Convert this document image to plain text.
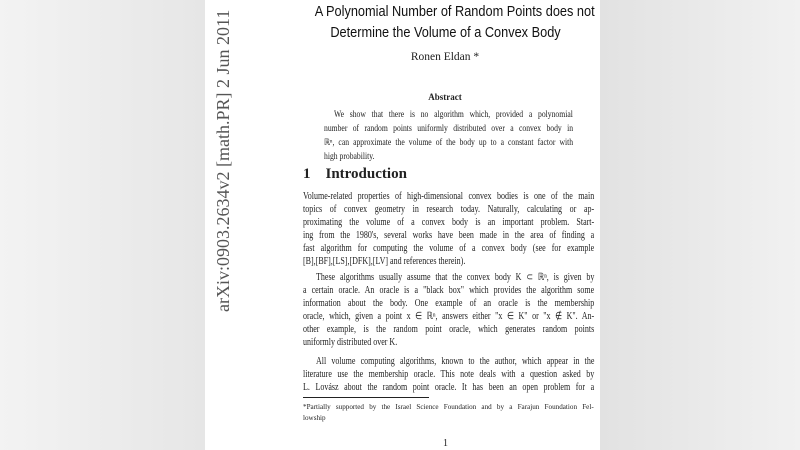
arXiv:0903.2634v2 [math.PR] 2 Jun 2011	A Polynomial Number of Random Points does not
Determine the Volume of a Convex Body
Ronen Eldan *
Abstract
We show that there is no algorithm which, provided a polynomial
number of random points uniformly distributed over a convex body in
ℝⁿ, can approximate the volume of the body up to a constant factor with
high probability.
1    Introduction
Volume-related properties of high-dimensional convex bodies is one of the main
topics of convex geometry in research today. Naturally, calculating or ap-
proximating the volume of a convex body is an important problem. Start-
ing from the 1980's, several works have been made in the area of finding a
fast algorithm for computing the volume of a convex body (see for example
[B],[BF],[LS],[DFK],[LV] and references therein).
These algorithms usually assume that the convex body K ⊂ ℝⁿ, is given by
a certain oracle. An oracle is a "black box" which provides the algorithm some
information about the body. One example of an oracle is the membership
oracle, which, given a point x ∈ ℝⁿ, answers either "x ∈ K" or "x ∉ K". An-
other example, is the random point oracle, which generates random points
uniformly distributed over K.
All volume computing algorithms, known to the author, which appear in the
literature use the membership oracle. This note deals with a question asked by
L. Lovász about the random point oracle. It has been an open problem for a
*Partially supported by the Israel Science Foundation and by a Farajun Foundation Fel-
lowship
1
